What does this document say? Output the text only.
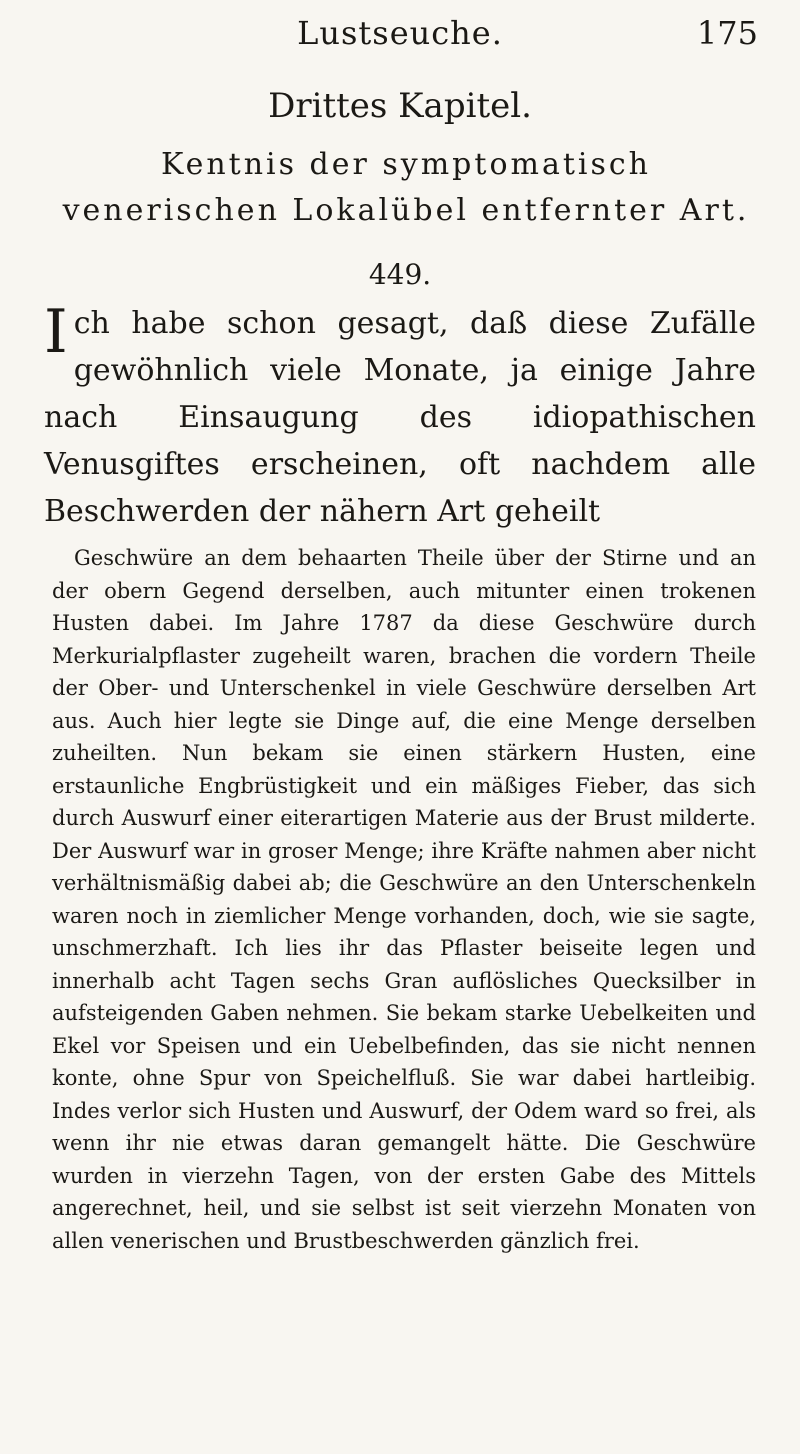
Lustseuche.	175
Drittes Kapitel.
Kentnis der symptomatisch venerischen Lokalübel entfernter Art.
449.
I ch habe schon gesagt, daß diese Zufälle gewöhnlich viele Monate, ja einige Jahre nach Einsaugung des idiopathischen Venusgiftes erscheinen, oft nachdem alle Beschwerden der nähern Art geheilt
Geschwüre an dem behaarten Theile über der Stirne und an der obern Gegend derselben, auch mitunter einen trokenen Husten dabei. Im Jahre 1787 da diese Geschwüre durch Merkurialpflaster zugeheilt waren, brachen die vordern Theile der Ober- und Unterschenkel in viele Geschwüre derselben Art aus. Auch hier legte sie Dinge auf, die eine Menge derselben zuheilten. Nun bekam sie einen stärkern Husten, eine erstaunliche Engbrüstigkeit und ein mäßiges Fieber, das sich durch Auswurf einer eiterartigen Materie aus der Brust milderte. Der Auswurf war in groser Menge; ihre Kräfte nahmen aber nicht verhältnismäßig dabei ab; die Geschwüre an den Unterschenkeln waren noch in ziemlicher Menge vorhanden, doch, wie sie sagte, unschmerzhaft. Ich lies ihr das Pflaster beiseite legen und innerhalb acht Tagen sechs Gran auflösliches Quecksilber in aufsteigenden Gaben nehmen. Sie bekam starke Uebelkeiten und Ekel vor Speisen und ein Uebelbefinden, das sie nicht nennen konte, ohne Spur von Speichelfluß. Sie war dabei hartleibig. Indes verlor sich Husten und Auswurf, der Odem ward so frei, als wenn ihr nie etwas daran gemangelt hätte. Die Geschwüre wurden in vierzehn Tagen, von der ersten Gabe des Mittels angerechnet, heil, und sie selbst ist seit vierzehn Monaten von allen venerischen und Brustbeschwerden gänzlich frei.
